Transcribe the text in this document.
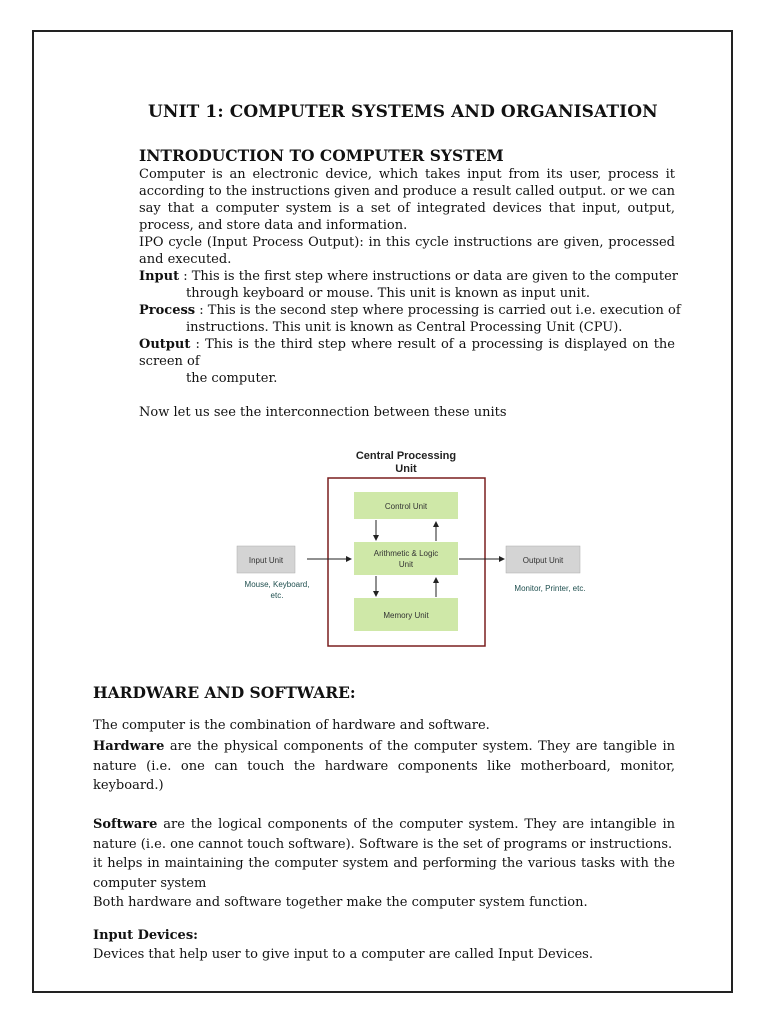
UNIT 1: COMPUTER SYSTEMS AND ORGANISATION
INTRODUCTION TO COMPUTER SYSTEM
Computer is an electronic device, which takes input from its user, process it
according to the instructions given and produce a result called output. or we can
say that a computer system is a set of integrated devices that input, output,
process, and store data and information.
IPO cycle (Input Process Output): in this cycle instructions are given, processed
and executed.
Input : This is the first step where instructions or data are given to the computer
through keyboard or mouse. This unit is known as input unit.
Process : This is the second step where processing is carried out i.e. execution of
instructions. This unit is known as Central Processing Unit (CPU).
Output : This is the third step where result of a processing is displayed on the
screen of
the computer.
Now let us see the interconnection between these units
Central Processing
Unit
Control Unit
Arithmetic & Logic
Unit
Memory Unit
Input Unit
Mouse, Keyboard,
etc.
Output Unit
Monitor, Printer, etc.
HARDWARE AND SOFTWARE:
The computer is the combination of hardware and software.
Hardware are the physical components of the computer system. They are tangible in
nature (i.e. one can touch the hardware components like motherboard, monitor,
keyboard.)
Software are the logical components of the computer system. They are intangible in
nature (i.e. one cannot touch software). Software is the set of programs or instructions.
it helps in maintaining the computer system and performing the various tasks with the
computer system
Both hardware and software together make the computer system function.
Input Devices:
Devices that help user to give input to a computer are called Input Devices.
